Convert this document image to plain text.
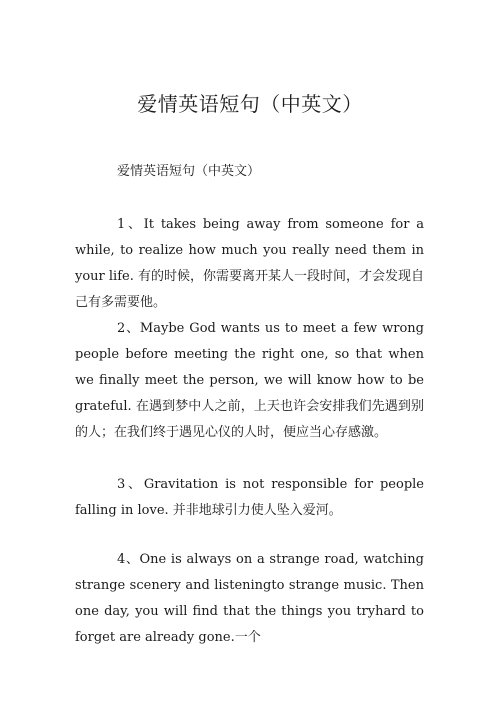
爱情英语短句（中英文）
爱情英语短句（中英文）

1、It takes being away from someone for a while, to realize how much you really need them in your life. 有的时候，你需要离开某人一段时间，才会发现自己有多需要他。

2、Maybe God wants us to meet a few wrong people before meeting the right one, so that when we finally meet the person, we will know how to be grateful. 在遇到梦中人之前，上天也许会安排我们先遇到别的人；在我们终于遇见心仪的人时，便应当心存感激。

3、Gravitation is not responsible for people falling in love. 并非地球引力使人坠入爱河。

4、One is always on a strange road, watching strange scenery and listeningto strange music. Then one day, you will find that the things you tryhard to forget are already gone.一个
